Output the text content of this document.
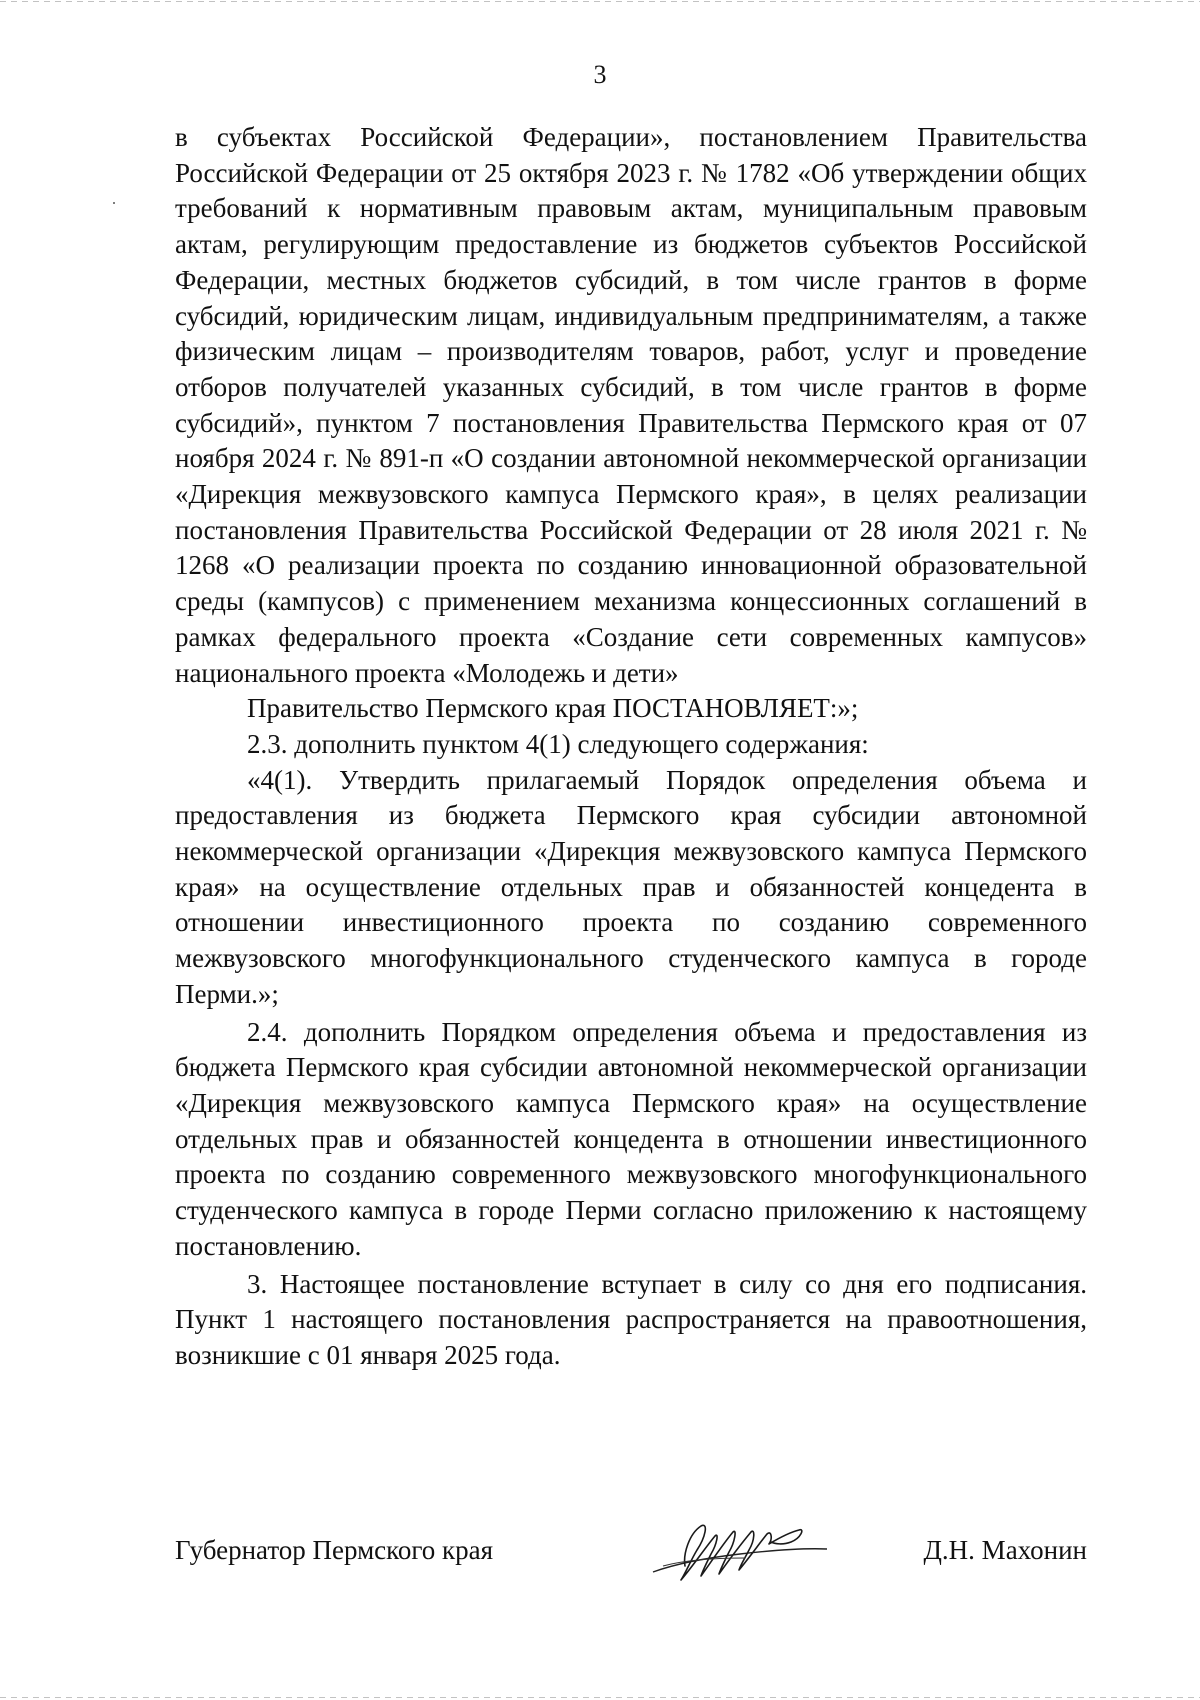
3

в субъектах Российской Федерации», постановлением Правительства Российской Федерации от 25 октября 2023 г. № 1782 «Об утверждении общих требований к нормативным правовым актам, муниципальным правовым актам, регулирующим предоставление из бюджетов субъектов Российской Федерации, местных бюджетов субсидий, в том числе грантов в форме субсидий, юридическим лицам, индивидуальным предпринимателям, а также физическим лицам – производителям товаров, работ, услуг и проведение отборов получателей указанных субсидий, в том числе грантов в форме субсидий», пунктом 7 постановления Правительства Пермского края от 07 ноября 2024 г. № 891-п «О создании автономной некоммерческой организации «Дирекция межвузовского кампуса Пермского края», в целях реализации постановления Правительства Российской Федерации от 28 июля 2021 г. № 1268 «О реализации проекта по созданию инновационной образовательной среды (кампусов) с применением механизма концессионных соглашений в рамках федерального проекта «Создание сети современных кампусов» национального проекта «Молодежь и дети»

Правительство Пермского края ПОСТАНОВЛЯЕТ:»;

2.3. дополнить пунктом 4(1) следующего содержания:

«4(1). Утвердить прилагаемый Порядок определения объема и предоставления из бюджета Пермского края субсидии автономной некоммерческой организации «Дирекция межвузовского кампуса Пермского края» на осуществление отдельных прав и обязанностей концедента в отношении инвестиционного проекта по созданию современного межвузовского многофункционального студенческого кампуса в городе Перми.»;

2.4. дополнить Порядком определения объема и предоставления из бюджета Пермского края субсидии автономной некоммерческой организации «Дирекция межвузовского кампуса Пермского края» на осуществление отдельных прав и обязанностей концедента в отношении инвестиционного проекта по созданию современного межвузовского многофункционального студенческого кампуса в городе Перми согласно приложению к настоящему постановлению.

3. Настоящее постановление вступает в силу со дня его подписания. Пункт 1 настоящего постановления распространяется на правоотношения, возникшие с 01 января 2025 года.

Губернатор Пермского края	Д.Н. Махонин
